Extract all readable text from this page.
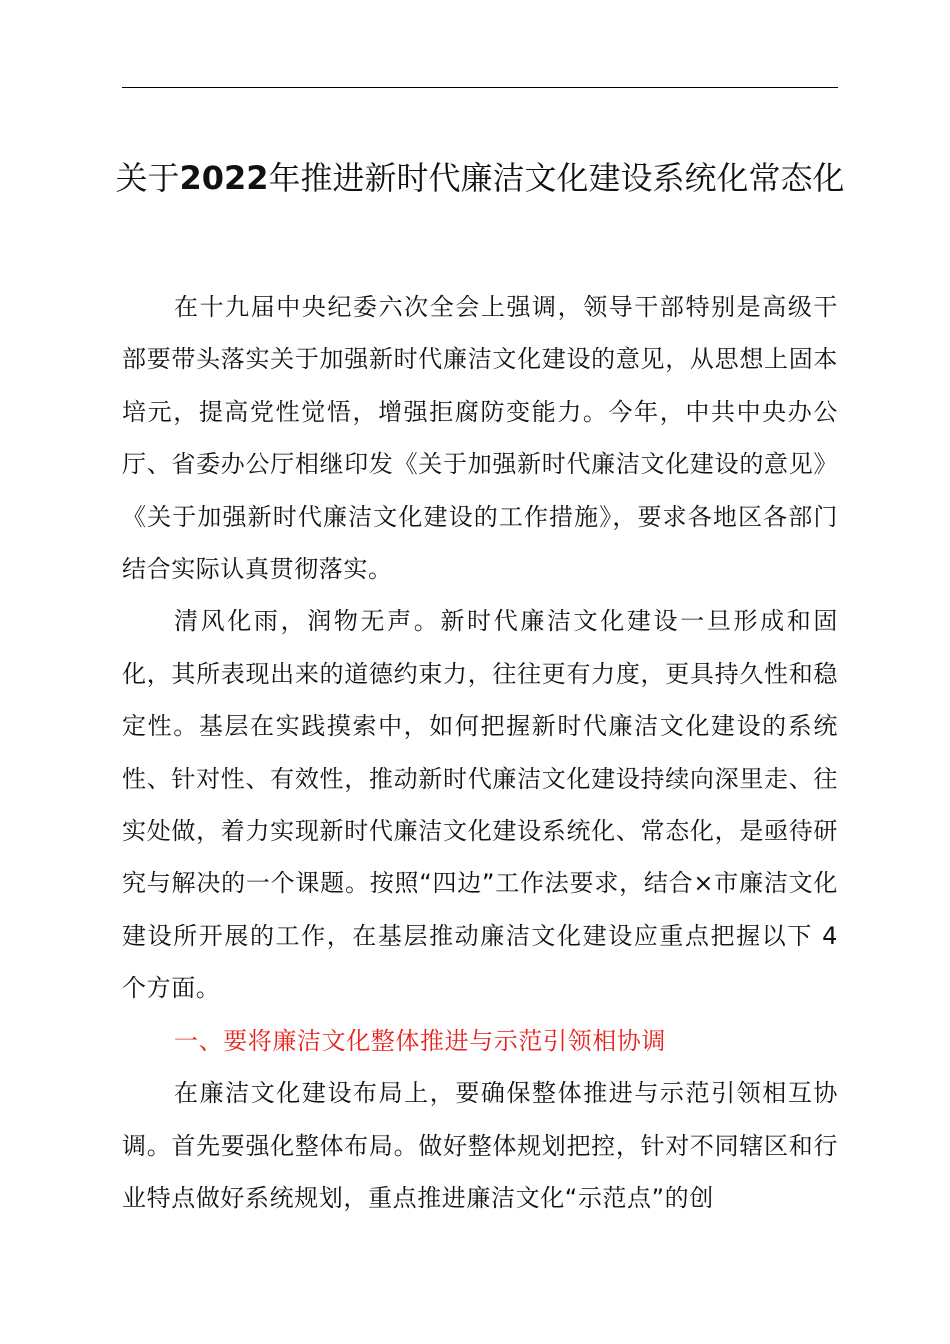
关于2022年推进新时代廉洁文化建设系统化常态化

在十九届中央纪委六次全会上强调，领导干部特别是高级干部要带头落实关于加强新时代廉洁文化建设的意见，从思想上固本培元，提高党性觉悟，增强拒腐防变能力。今年，中共中央办公厅、省委办公厅相继印发《关于加强新时代廉洁文化建设的意见》《关于加强新时代廉洁文化建设的工作措施》，要求各地区各部门结合实际认真贯彻落实。

清风化雨，润物无声。新时代廉洁文化建设一旦形成和固化，其所表现出来的道德约束力，往往更有力度，更具持久性和稳定性。基层在实践摸索中，如何把握新时代廉洁文化建设的系统性、针对性、有效性，推动新时代廉洁文化建设持续向深里走、往实处做，着力实现新时代廉洁文化建设系统化、常态化，是亟待研究与解决的一个课题。按照“四边”工作法要求，结合×市廉洁文化建设所开展的工作，在基层推动廉洁文化建设应重点把握以下 4 个方面。

一、要将廉洁文化整体推进与示范引领相协调

在廉洁文化建设布局上，要确保整体推进与示范引领相互协调。首先要强化整体布局。做好整体规划把控，针对不同辖区和行业特点做好系统规划，重点推进廉洁文化“示范点”的创
